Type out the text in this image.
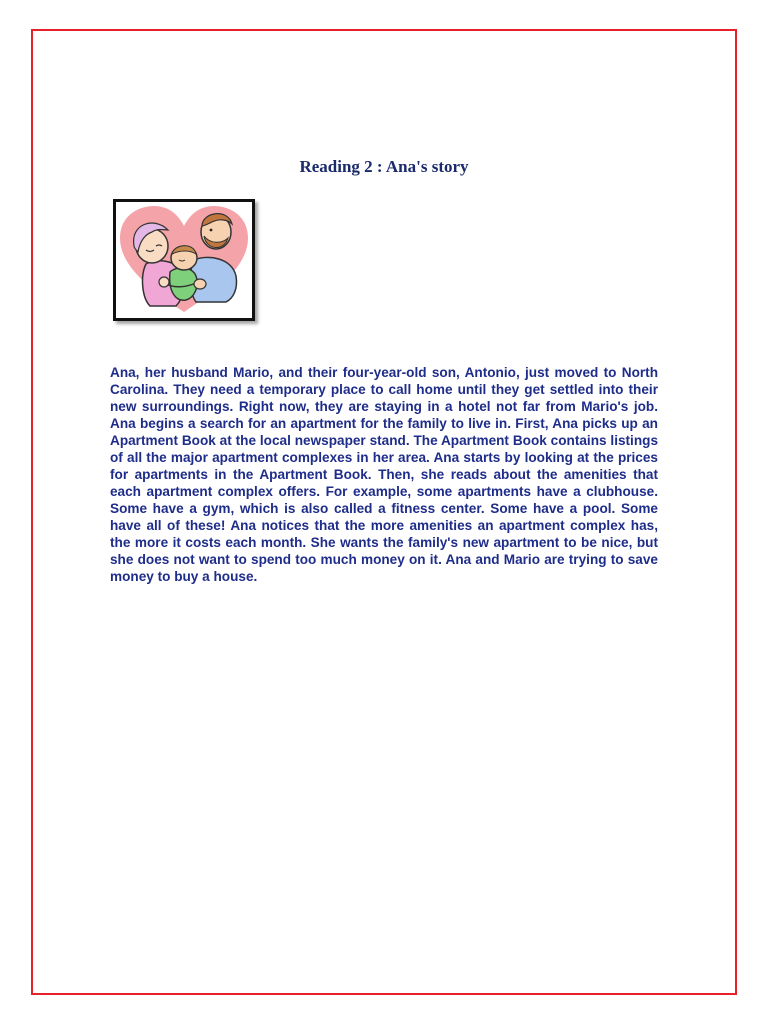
Reading 2 : Ana's story

Ana, her husband Mario, and their four-year-old son, Antonio, just moved to North Carolina. They need a temporary place to call home until they get settled into their new surroundings. Right now, they are staying in a hotel not far from Mario's job. Ana begins a search for an apartment for the family to live in. First, Ana picks up an Apartment Book at the local newspaper stand. The Apartment Book contains listings of all the major apartment complexes in her area. Ana starts by looking at the prices for apartments in the Apartment Book. Then, she reads about the amenities that each apartment complex offers. For example, some apartments have a clubhouse. Some have a gym, which is also called a fitness center. Some have a pool. Some have all of these! Ana notices that the more amenities an apartment complex has, the more it costs each month. She wants the family's new apartment to be nice, but she does not want to spend too much money on it. Ana and Mario are trying to save money to buy a house.
